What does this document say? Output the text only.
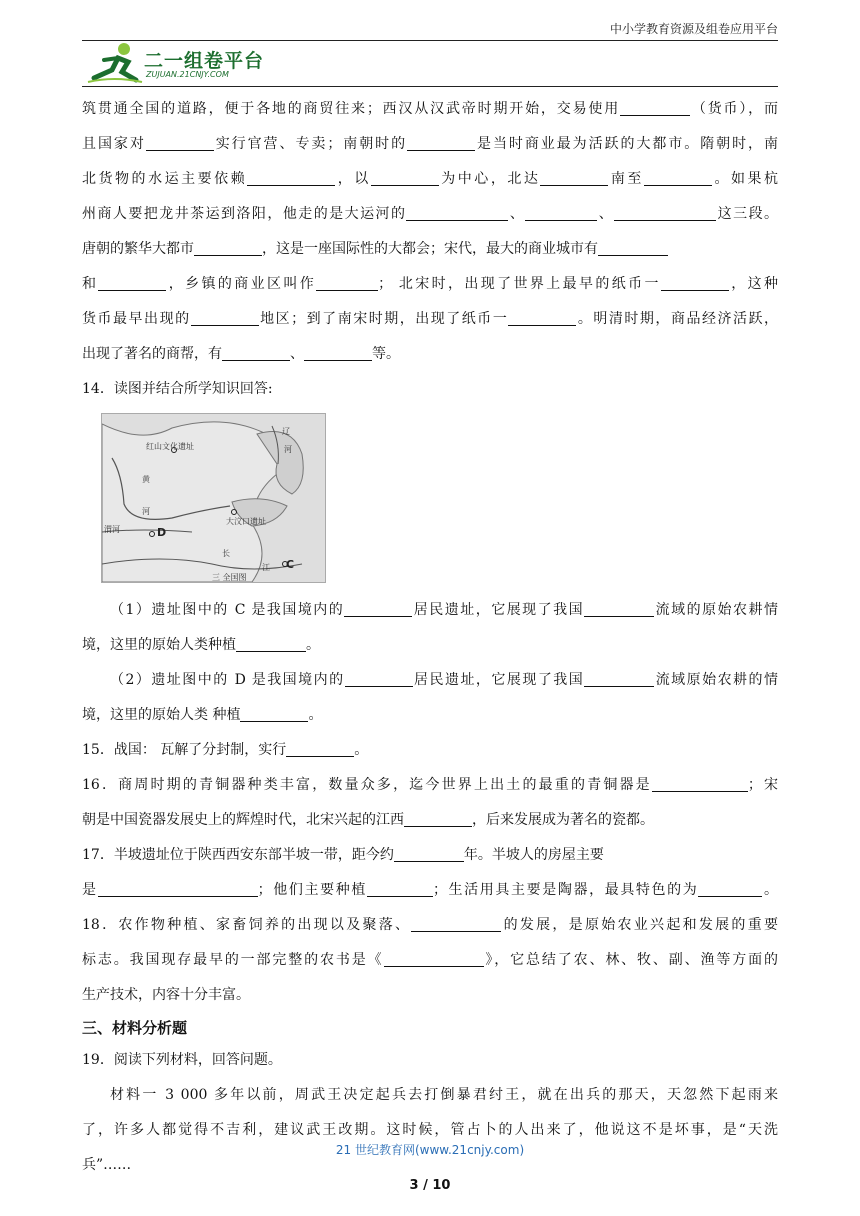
中小学教育资源及组卷应用平台
二一组卷平台
ZUJUAN.21CNJY.COM
筑贯通全国的道路，便于各地的商贸往来；西汉从汉武帝时期开始，交易使用	（货币），而
且国家对	实行官营、专卖；南朝时的	是当时商业最为活跃的大都市。隋朝时，南
北货物的水运主要依赖	，以	为中心，北达	南至	。如果杭
州商人要把龙井茶运到洛阳，他走的是大运河的	、	、	这三段。
唐朝的繁华大都市	，这是一座国际性的大都会；宋代，最大的商业城市有
和	，乡镇的商业区叫作	； 北宋时，出现了世界上最早的纸币一	，这种
货币最早出现的	地区；到了南宋时期，出现了纸币一	。明清时期，商品经济活跃，
出现了著名的商帮，有	、	等。
14．读图并结合所学知识回答:
红山文化遗址
大汶口遗址
黄
河
渭河	D
C
长
江
辽
河
三 全国图
（1）遗址图中的 C 是我国境内的	居民遗址，它展现了我国	流域的原始农耕情
境，这里的原始人类种植	。
（2）遗址图中的 D 是我国境内的	居民遗址，它展现了我国	流域原始农耕的情
境，这里的原始人类 种植	。
15．战国： 瓦解了分封制，实行	。
16．商周时期的青铜器种类丰富，数量众多，迄今世界上出土的最重的青铜器是	；宋
朝是中国瓷器发展史上的辉煌时代，北宋兴起的江西	，后来发展成为著名的瓷都。
17．半坡遗址位于陕西西安东部半坡一带，距今约	年。半坡人的房屋主要
是	；他们主要种植	；生活用具主要是陶器，最具特色的为	。
18．农作物种植、家畜饲养的出现以及聚落、	的发展，是原始农业兴起和发展的重要
标志。我国现存最早的一部完整的农书是《	》，它总结了农、林、牧、副、渔等方面的
生产技术，内容十分丰富。
三、材料分析题
19．阅读下列材料，回答问题。
材料一 3 000 多年以前，周武王决定起兵去打倒暴君纣王，就在出兵的那天，天忽然下起雨来
了，许多人都觉得不吉利，建议武王改期。这时候，管占卜的人出来了，他说这不是坏事，是“天洗
兵”……
21 世纪教育网(www.21cnjy.com)
3 / 10
